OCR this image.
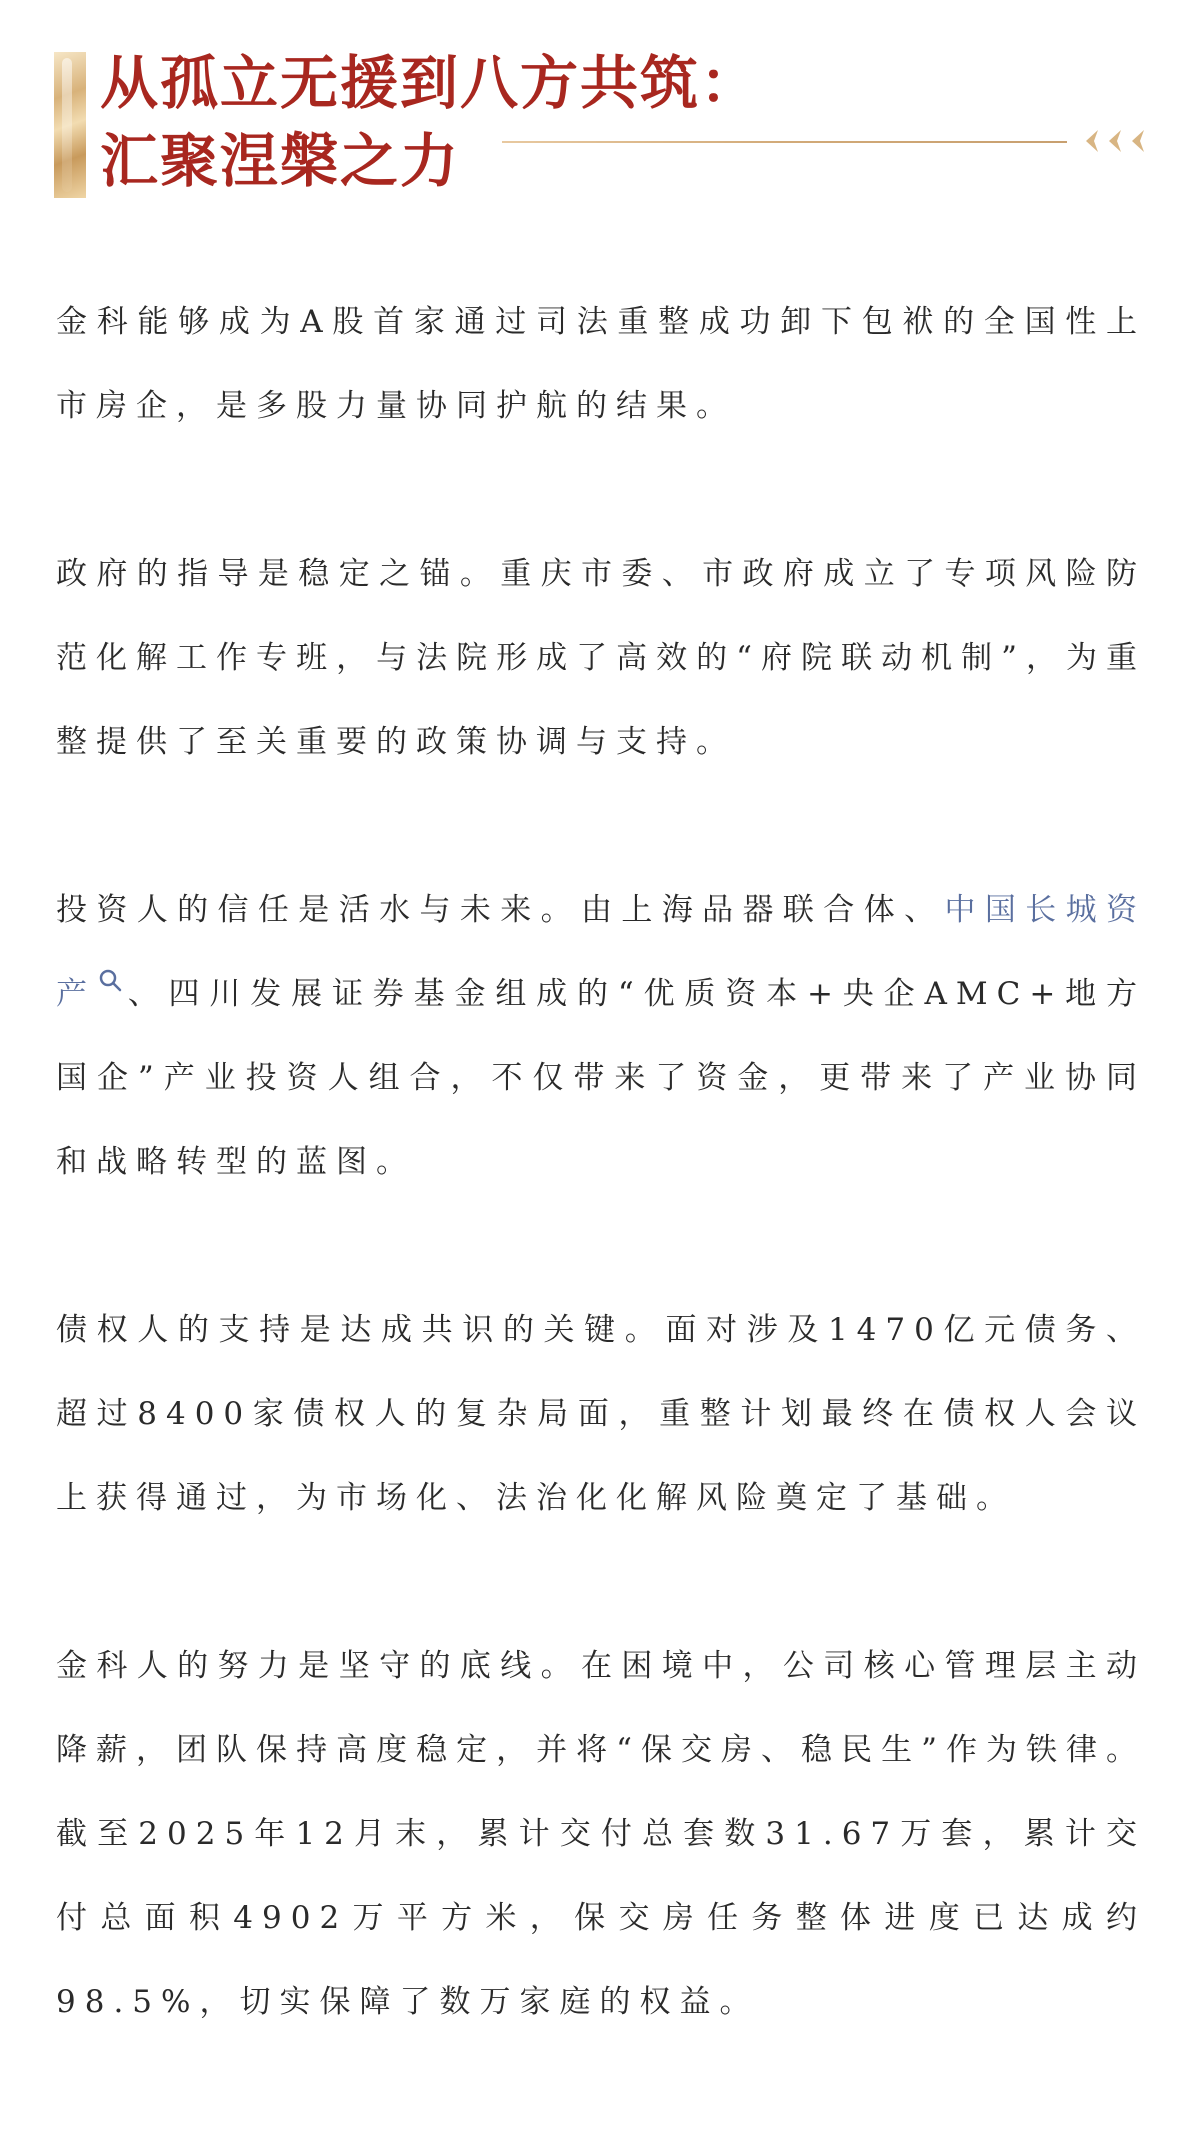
从孤立无援到八方共筑：
汇聚涅槃之力

金科能够成为A股首家通过司法重整成功卸下包袱的全国性上市房企，是多股力量协同护航的结果。

政府的指导是稳定之锚。重庆市委、市政府成立了专项风险防范化解工作专班，与法院形成了高效的“府院联动机制”，为重整提供了至关重要的政策协调与支持。

投资人的信任是活水与未来。由上海品器联合体、中国长城资产 、四川发展证券基金组成的“优质资本+央企AMC+地方国企”产业投资人组合，不仅带来了资金，更带来了产业协同和战略转型的蓝图。

债权人的支持是达成共识的关键。面对涉及1470亿元债务、超过8400家债权人的复杂局面，重整计划最终在债权人会议上获得通过，为市场化、法治化化解风险奠定了基础。

金科人的努力是坚守的底线。在困境中，公司核心管理层主动降薪，团队保持高度稳定，并将“保交房、稳民生”作为铁律。截至2025年12月末，累计交付总套数31.67万套，累计交付总面积4902万平方米，保交房任务整体进度已达成约98.5%，切实保障了数万家庭的权益。
